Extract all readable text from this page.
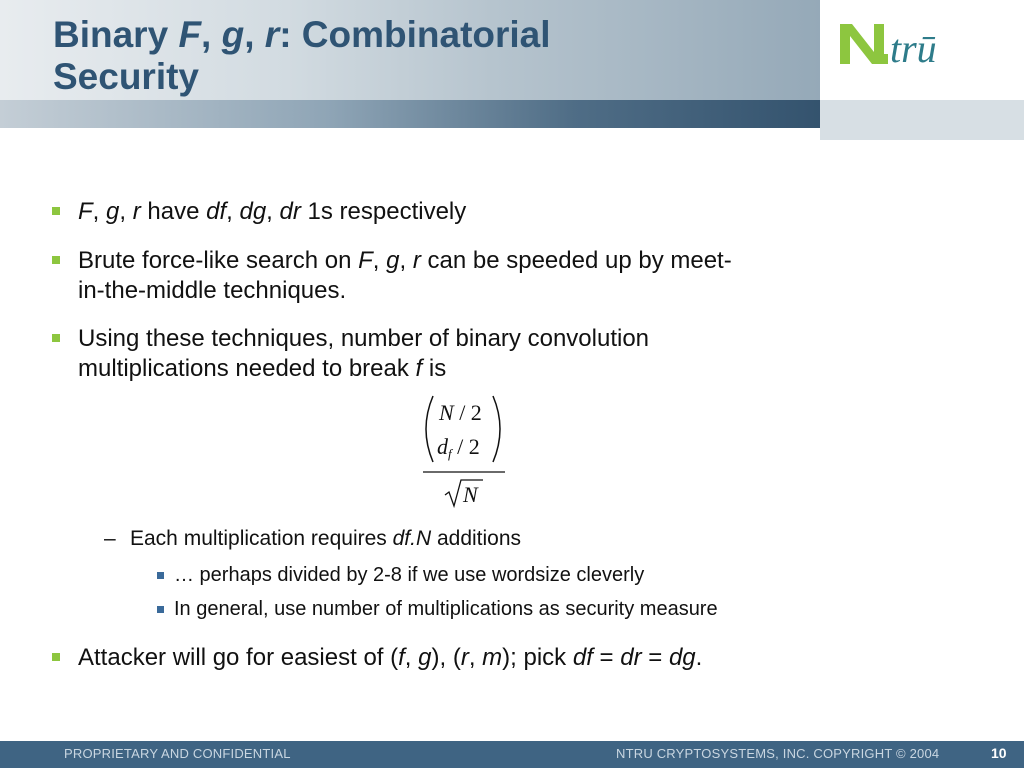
Binary F, g, r: Combinatorial
Security
trū
F, g, r have df, dg, dr 1s respectively
Brute force-like search on F, g, r can be speeded up by meet-
in-the-middle techniques.
Using these techniques, number of binary convolution
multiplications needed to break f is
N / 2
df / 2
N
– Each multiplication requires df.N additions
… perhaps divided by 2-8 if we use wordsize cleverly
In general, use number of multiplications as security measure
Attacker will go for easiest of (f, g), (r, m); pick df = dr = dg.
PROPRIETARY AND CONFIDENTIAL	NTRU CRYPTOSYSTEMS, INC. COPYRIGHT © 2004	10
